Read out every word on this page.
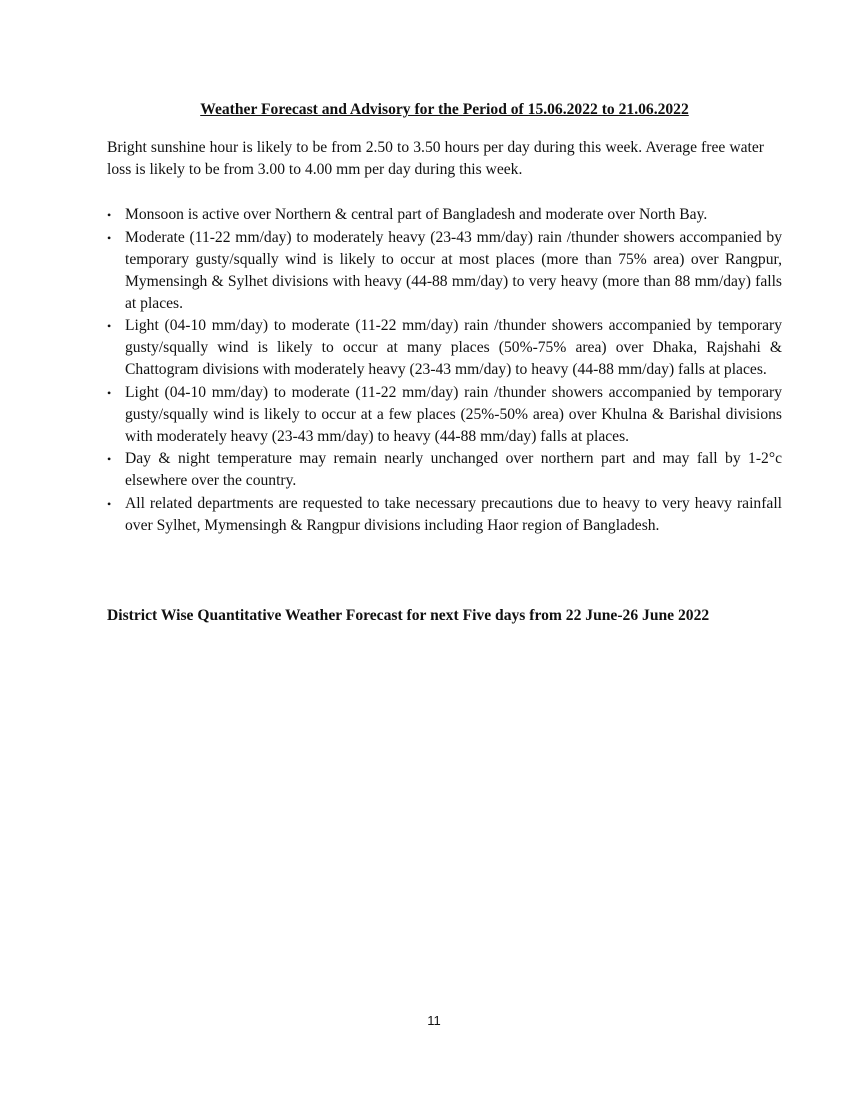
Weather Forecast and Advisory for the Period of 15.06.2022 to 21.06.2022

Bright sunshine hour is likely to be from 2.50 to 3.50 hours per day during this week. Average free water loss is likely to be from 3.00 to 4.00 mm per day during this week.

• Monsoon is active over Northern & central part of Bangladesh and moderate over North Bay.
• Moderate (11-22 mm/day) to moderately heavy (23-43 mm/day) rain /thunder showers accompanied by temporary gusty/squally wind is likely to occur at most places (more than 75% area) over Rangpur, Mymensingh & Sylhet divisions with heavy (44-88 mm/day) to very heavy (more than 88 mm/day) falls at places.
• Light (04-10 mm/day) to moderate (11-22 mm/day) rain /thunder showers accompanied by temporary gusty/squally wind is likely to occur at many places (50%-75% area) over Dhaka, Rajshahi & Chattogram divisions with moderately heavy (23-43 mm/day) to heavy (44-88 mm/day) falls at places.
• Light (04-10 mm/day) to moderate (11-22 mm/day) rain /thunder showers accompanied by temporary gusty/squally wind is likely to occur at a few places (25%-50% area) over Khulna & Barishal divisions with moderately heavy (23-43 mm/day) to heavy (44-88 mm/day) falls at places.
• Day & night temperature may remain nearly unchanged over northern part and may fall by 1-2°c elsewhere over the country.
• All related departments are requested to take necessary precautions due to heavy to very heavy rainfall over Sylhet, Mymensingh & Rangpur divisions including Haor region of Bangladesh.
District Wise Quantitative Weather Forecast for next Five days from 22 June-26 June 2022
11
